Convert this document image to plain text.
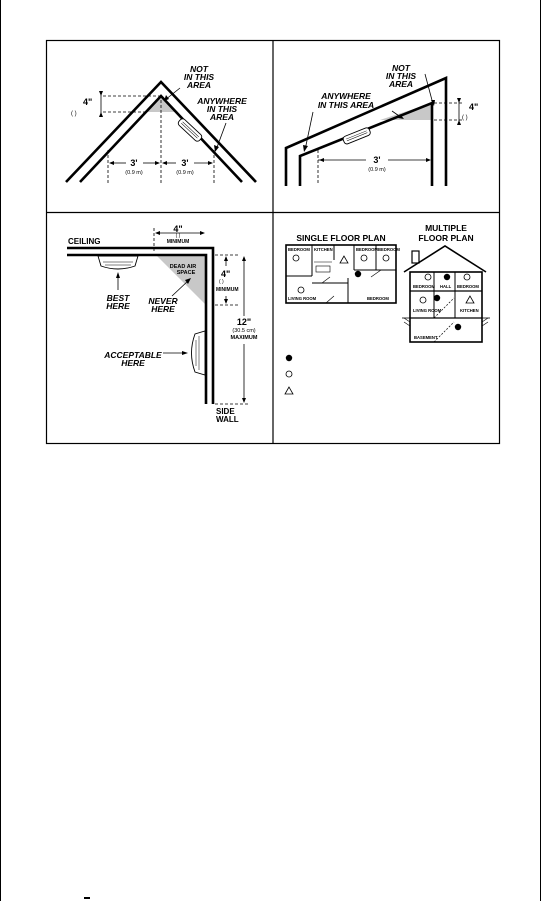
4"
( )
NOT
IN THIS
AREA
ANYWHERE
IN THIS
AREA
3'
(0.9 m)
3'
(0.9 m)
NOT
IN THIS
AREA
ANYWHERE
IN THIS AREA	4"
( )
3'
(0.9 m)
CEILING
4"
( )
MINIMUM
DEAD AIR
SPACE	4"
( )
MINIMUM
12"
(30.5 cm)
MAXIMUM
BEST
HERE NEVER
HERE
ACCEPTABLE
HERE
SIDE
WALL
SINGLE FLOOR PLAN
MULTIPLE
FLOOR PLAN
BEDROOM KITCHEN	BEDROOM BEDROOM
LIVING ROOM	BEDROOM
BEDROOM HALL BEDROOM
LIVING ROOM	KITCHEN
BASEMENT
